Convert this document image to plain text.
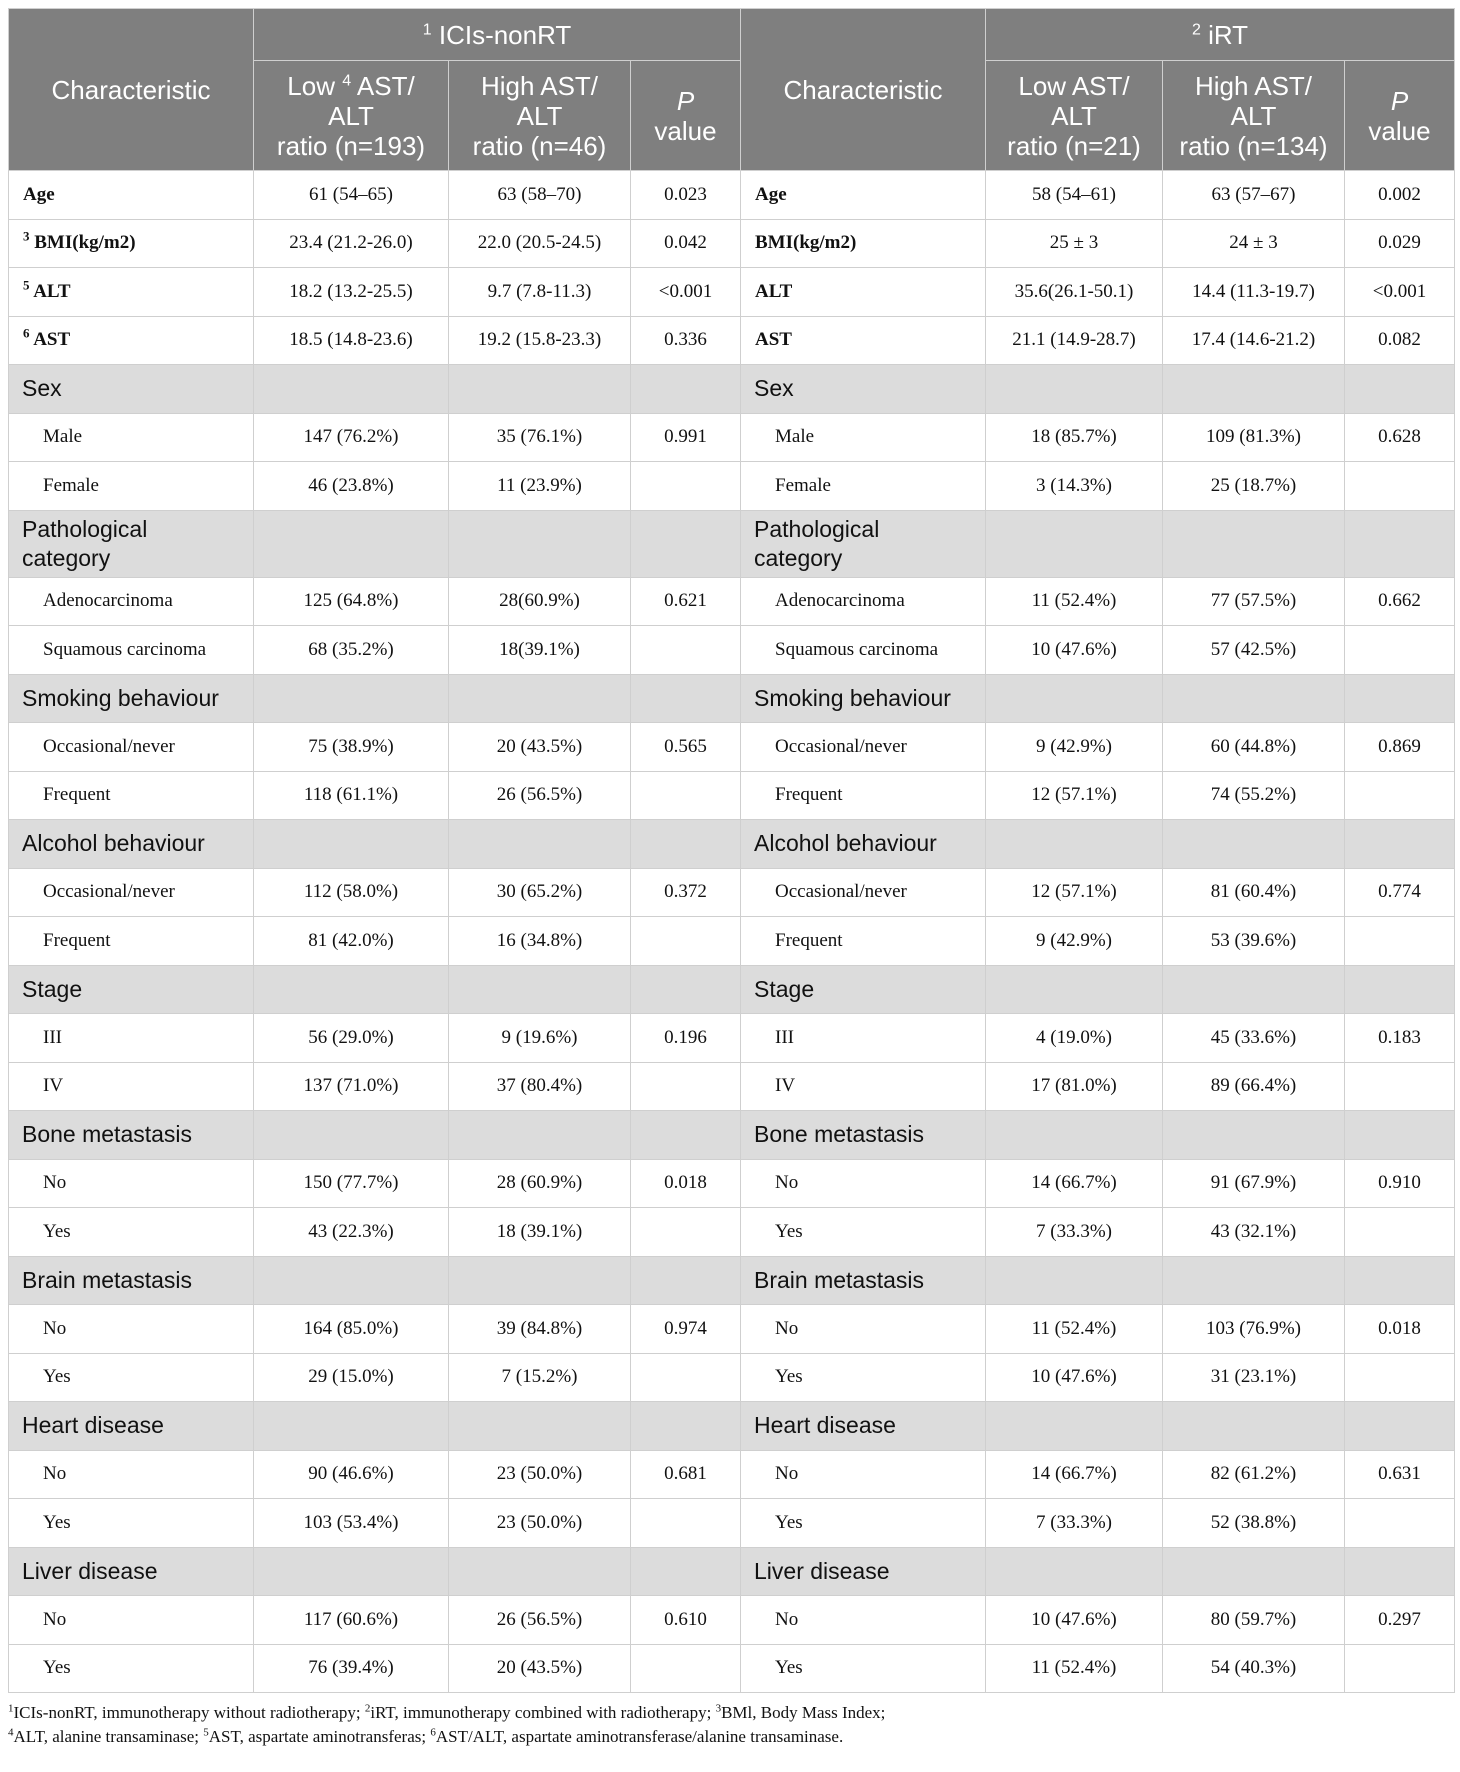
Characteristic	$^1$ ICIs-nonRT			Characteristic	$^2$ iRT		
	Low $^4$ AST/
ALT
ratio (n=193)	High AST/
ALT
ratio (n=46)	P
value		Low AST/
ALT
ratio (n=21)	High AST/
ALT
ratio (n=134)	P
value
Age	61 (54–65)	63 (58–70)	0.023	Age	58 (54–61)	63 (57–67)	0.002
$^3$ BMI(kg/m2)	23.4 (21.2-26.0)	22.0 (20.5-24.5)	0.042	BMI(kg/m2)	25 ± 3	24 ± 3	0.029
$^5$ ALT	18.2 (13.2-25.5)	9.7 (7.8-11.3)	<0.001	ALT	35.6(26.1-50.1)	14.4 (11.3-19.7)	<0.001
$^6$ AST	18.5 (14.8-23.6)	19.2 (15.8-23.3)	0.336	AST	21.1 (14.9-28.7)	17.4 (14.6-21.2)	0.082
Sex				Sex			
Male	147 (76.2%)	35 (76.1%)	0.991	Male	18 (85.7%)	109 (81.3%)	0.628
Female	46 (23.8%)	11 (23.9%)		Female	3 (14.3%)	25 (18.7%)	
Pathological
category				Pathological
category			
Adenocarcinoma	125 (64.8%)	28(60.9%)	0.621	Adenocarcinoma	11 (52.4%)	77 (57.5%)	0.662
Squamous carcinoma	68 (35.2%)	18(39.1%)		Squamous carcinoma	10 (47.6%)	57 (42.5%)	
Smoking behaviour				Smoking behaviour			
Occasional/never	75 (38.9%)	20 (43.5%)	0.565	Occasional/never	9 (42.9%)	60 (44.8%)	0.869
Frequent	118 (61.1%)	26 (56.5%)		Frequent	12 (57.1%)	74 (55.2%)	
Alcohol behaviour				Alcohol behaviour			
Occasional/never	112 (58.0%)	30 (65.2%)	0.372	Occasional/never	12 (57.1%)	81 (60.4%)	0.774
Frequent	81 (42.0%)	16 (34.8%)		Frequent	9 (42.9%)	53 (39.6%)	
Stage				Stage			
III	56 (29.0%)	9 (19.6%)	0.196	III	4 (19.0%)	45 (33.6%)	0.183
IV	137 (71.0%)	37 (80.4%)		IV	17 (81.0%)	89 (66.4%)	
Bone metastasis				Bone metastasis			
No	150 (77.7%)	28 (60.9%)	0.018	No	14 (66.7%)	91 (67.9%)	0.910
Yes	43 (22.3%)	18 (39.1%)		Yes	7 (33.3%)	43 (32.1%)	
Brain metastasis				Brain metastasis			
No	164 (85.0%)	39 (84.8%)	0.974	No	11 (52.4%)	103 (76.9%)	0.018
Yes	29 (15.0%)	7 (15.2%)		Yes	10 (47.6%)	31 (23.1%)	
Heart disease				Heart disease			
No	90 (46.6%)	23 (50.0%)	0.681	No	14 (66.7%)	82 (61.2%)	0.631
Yes	103 (53.4%)	23 (50.0%)		Yes	7 (33.3%)	52 (38.8%)	
Liver disease				Liver disease			
No	117 (60.6%)	26 (56.5%)	0.610	No	10 (47.6%)	80 (59.7%)	0.297
Yes	76 (39.4%)	20 (43.5%)		Yes	11 (52.4%)	54 (40.3%)	
$^1$ICIs-nonRT, immunotherapy without radiotherapy; $^2$iRT, immunotherapy combined with radiotherapy; $^3$BMl, Body Mass Index;
$^4$ALT, alanine transaminase; $^5$AST, aspartate aminotransferas; $^6$AST/ALT, aspartate aminotransferase/alanine transaminase.
